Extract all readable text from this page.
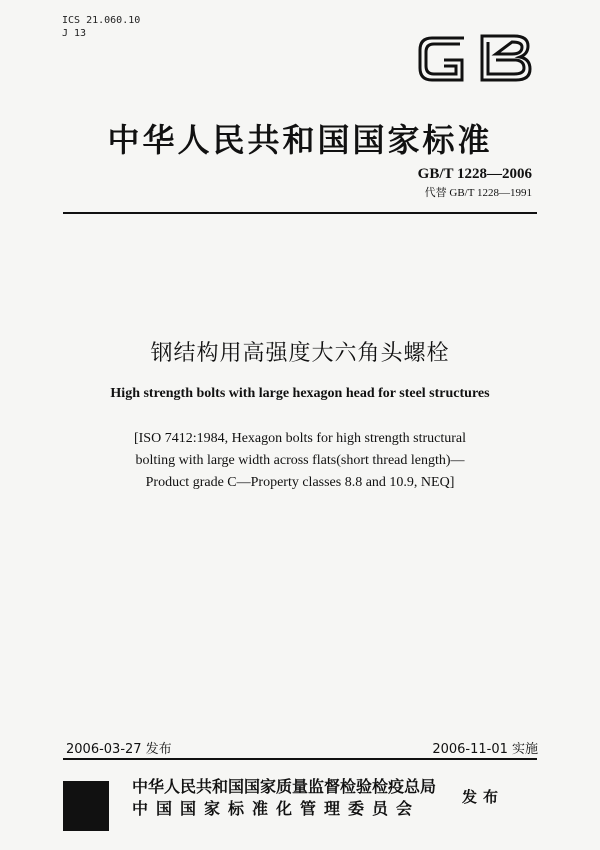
ICS 21.060.10
J 13
中华人民共和国国家标准
GB/T 1228—2006
代替 GB/T 1228—1991
钢结构用高强度大六角头螺栓
High strength bolts with large hexagon head for steel structures
[ISO 7412:1984, Hexagon bolts for high strength structural
bolting with large width across flats(short thread length)—
Product grade C—Property classes 8.8 and 10.9, NEQ]
2006-03-27 发布	2006-11-01 实施
中华人民共和国国家质量监督检验检疫总局
中国国家标准化管理委员会
发布
